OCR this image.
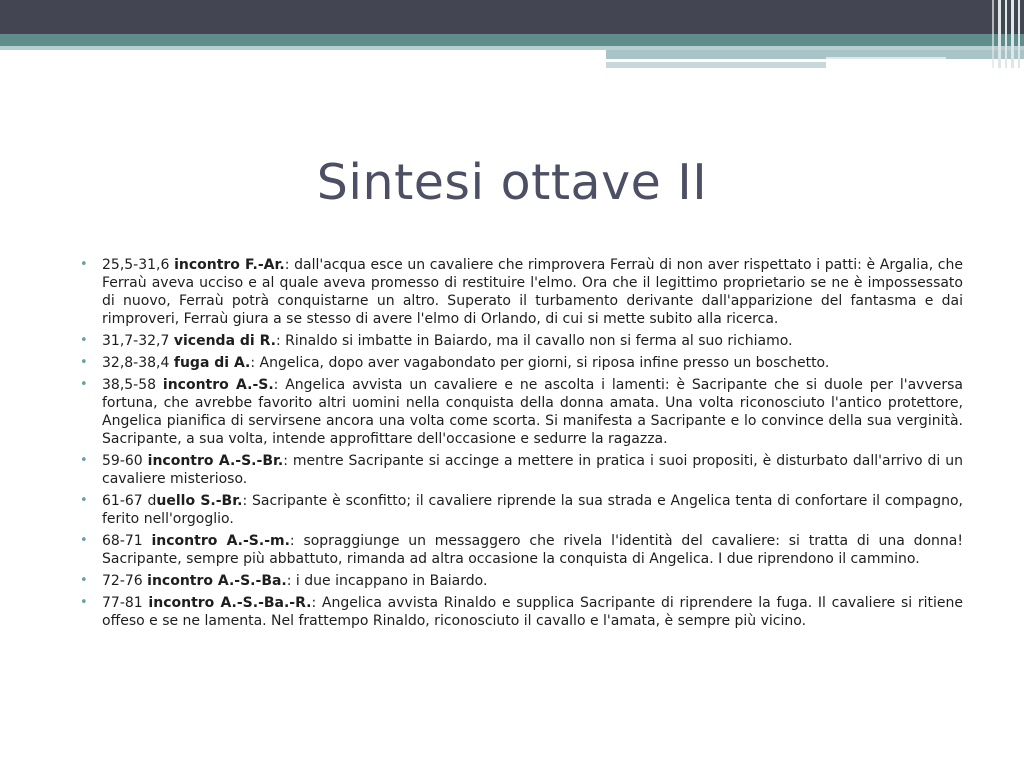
Sintesi ottave II
• 25,5-31,6 incontro F.-Ar.: dall'acqua esce un cavaliere che rimprovera Ferraù di non aver rispettato i patti: è Argalia, che Ferraù aveva ucciso e al quale aveva promesso di restituire l'elmo. Ora che il legittimo proprietario se ne è impossessato di nuovo, Ferraù potrà conquistarne un altro. Superato il turbamento derivante dall'apparizione del fantasma e dai rimproveri, Ferraù giura a se stesso di avere l'elmo di Orlando, di cui si mette subito alla ricerca.
• 31,7-32,7 vicenda di R.: Rinaldo si imbatte in Baiardo, ma il cavallo non si ferma al suo richiamo.
• 32,8-38,4 fuga di A.: Angelica, dopo aver vagabondato per giorni, si riposa infine presso un boschetto.
• 38,5-58 incontro A.-S.: Angelica avvista un cavaliere e ne ascolta i lamenti: è Sacripante che si duole per l'avversa fortuna, che avrebbe favorito altri uomini nella conquista della donna amata. Una volta riconosciuto l'antico protettore, Angelica pianifica di servirsene ancora una volta come scorta. Si manifesta a Sacripante e lo convince della sua verginità. Sacripante, a sua volta, intende approfittare dell'occasione e sedurre la ragazza.
• 59-60 incontro A.-S.-Br.: mentre Sacripante si accinge a mettere in pratica i suoi propositi, è disturbato dall'arrivo di un cavaliere misterioso.
• 61-67 duello S.-Br.: Sacripante è sconfitto; il cavaliere riprende la sua strada e Angelica tenta di confortare il compagno, ferito nell'orgoglio.
• 68-71 incontro A.-S.-m.: sopraggiunge un messaggero che rivela l'identità del cavaliere: si tratta di una donna! Sacripante, sempre più abbattuto, rimanda ad altra occasione la conquista di Angelica. I due riprendono il cammino.
• 72-76 incontro A.-S.-Ba.: i due incappano in Baiardo.
• 77-81 incontro A.-S.-Ba.-R.: Angelica avvista Rinaldo e supplica Sacripante di riprendere la fuga. Il cavaliere si ritiene offeso e se ne lamenta. Nel frattempo Rinaldo, riconosciuto il cavallo e l'amata, è sempre più vicino.
